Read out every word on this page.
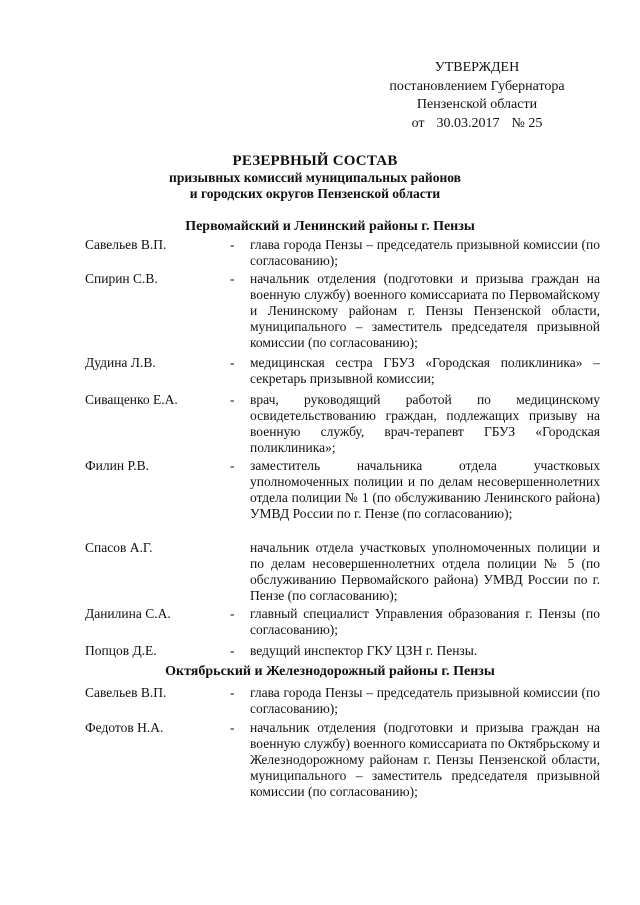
УТВЕРЖДЕН
постановлением Губернатора
Пензенской области
от 30.03.2017 № 25
РЕЗЕРВНЫЙ СОСТАВ
призывных комиссий муниципальных районов
и городских округов Пензенской области
Первомайский и Ленинский районы г. Пензы
Савельев В.П.	- глава города Пензы – председатель призывной комиссии (по согласованию);
Спирин С.В.	- начальник отделения (подготовки и призыва граждан на военную службу) военного комиссариата по Первомайскому и Ленинскому районам г. Пензы Пензенской области, муниципального – заместитель председателя призывной комиссии (по согласованию);
Дудина Л.В.	- медицинская сестра ГБУЗ «Городская поликлиника» – секретарь призывной комиссии;
Сиващенко Е.А.	- врач, руководящий работой по медицинскому освидетельствованию граждан, подлежащих призыву на военную службу, врач-терапевт ГБУЗ «Городская поликлиника»;
Филин Р.В.	- заместитель начальника отдела участковых уполномоченных полиции и по делам несовершеннолетних отдела полиции № 1 (по обслуживанию Ленинского района) УМВД России по г. Пензе (по согласованию);
Спасов А.Г.	начальник отдела участковых уполномоченных полиции и по делам несовершеннолетних отдела полиции № 5 (по обслуживанию Первомайского района) УМВД России по г. Пензе (по согласованию);
Данилина С.А.	- главный специалист Управления образования г. Пензы (по согласованию);
Попцов Д.Е.	- ведущий инспектор ГКУ ЦЗН г. Пензы.
Октябрьский и Железнодорожный районы г. Пензы
Савельев В.П.	- глава города Пензы – председатель призывной комиссии (по согласованию);
Федотов Н.А.	- начальник отделения (подготовки и призыва граждан на военную службу) военного комиссариата по Октябрьскому и Железнодорожному районам г. Пензы Пензенской области, муниципального – заместитель председателя призывной комиссии (по согласованию);
